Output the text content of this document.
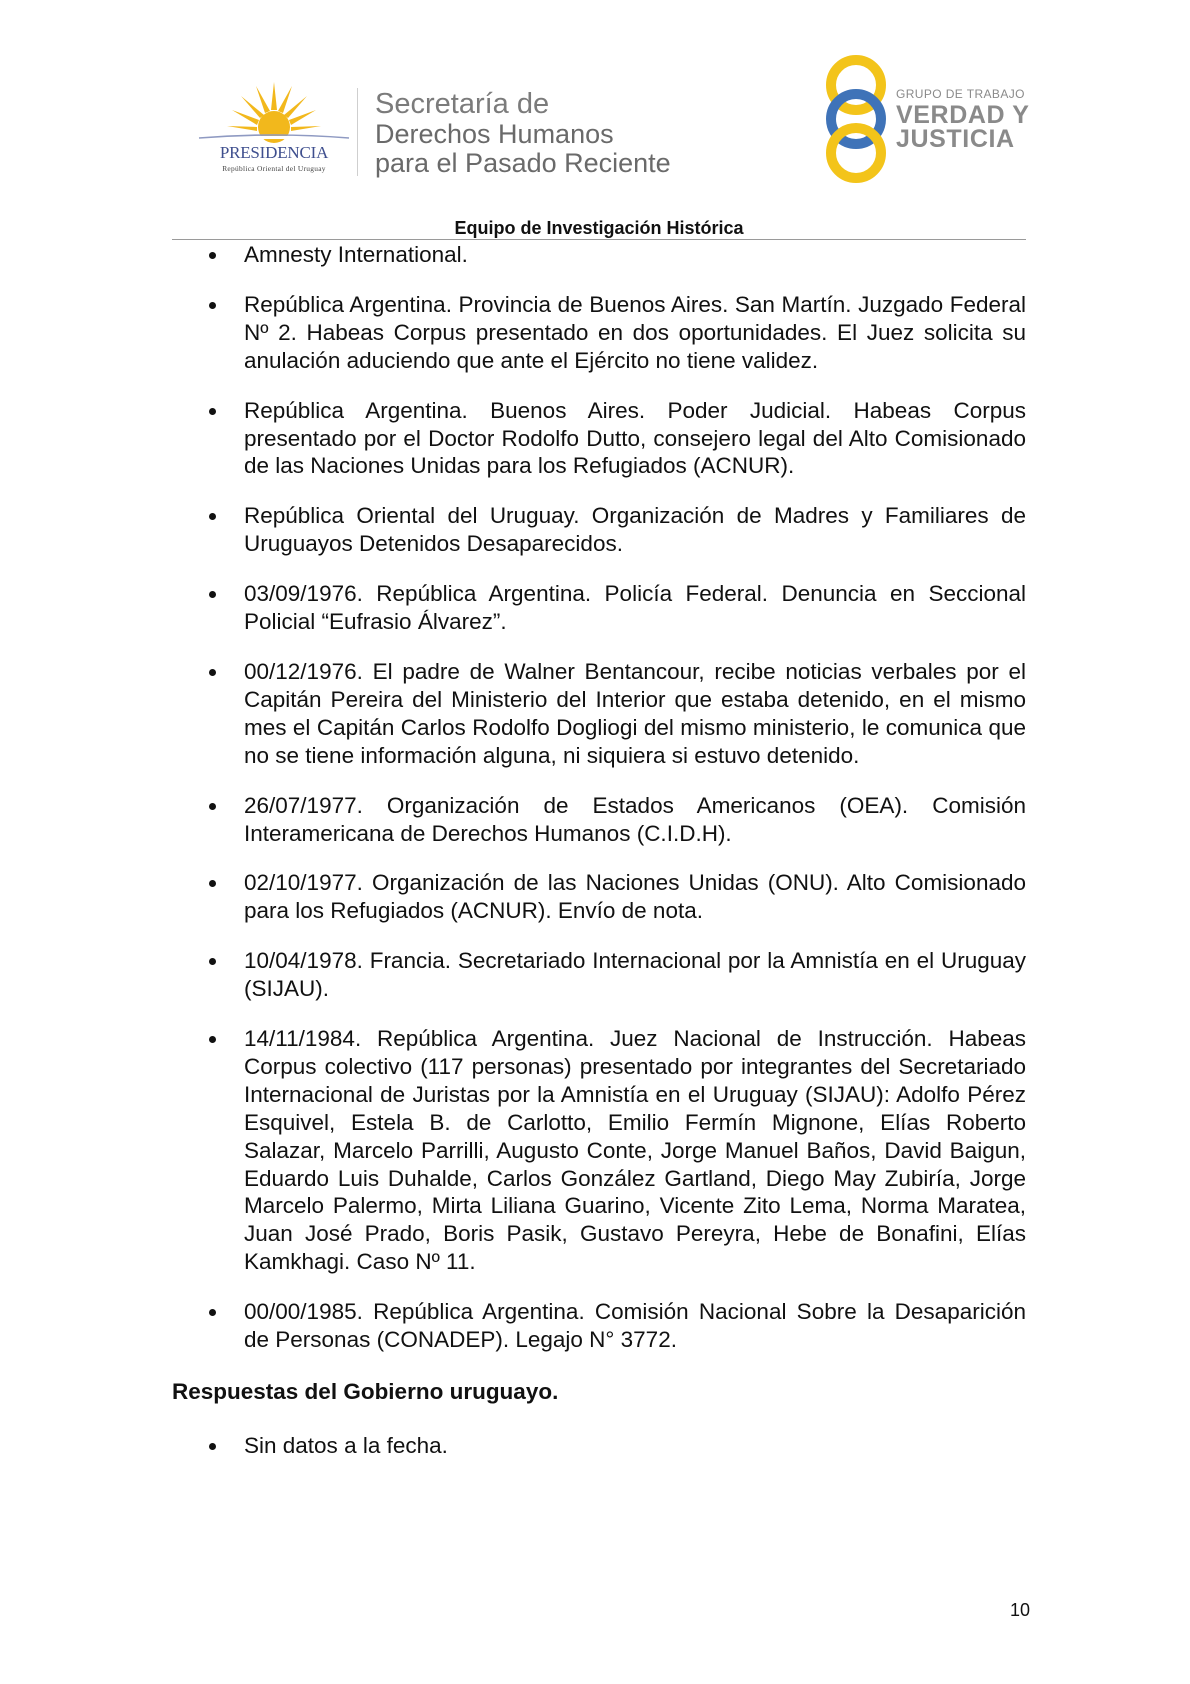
PRESIDENCIA
República Oriental del Uruguay
Secretaría de
Derechos Humanos
para el Pasado Reciente
GRUPO DE TRABAJO
VERDAD Y
JUSTICIA
Equipo de Investigación Histórica
Amnesty International.
República Argentina. Provincia de Buenos Aires. San Martín. Juzgado Federal Nº 2. Habeas Corpus presentado en dos oportunidades. El Juez solicita su anulación aduciendo que ante el Ejército no tiene validez.
República Argentina. Buenos Aires. Poder Judicial. Habeas Corpus presentado por el Doctor Rodolfo Dutto, consejero legal del Alto Comisionado de las Naciones Unidas para los Refugiados (ACNUR).
República Oriental del Uruguay. Organización de Madres y Familiares de Uruguayos Detenidos Desaparecidos.
03/09/1976. República Argentina. Policía Federal. Denuncia en Seccional Policial “Eufrasio Álvarez”.
00/12/1976. El padre de Walner Bentancour, recibe noticias verbales por el Capitán Pereira del Ministerio del Interior que estaba detenido, en el mismo mes el Capitán Carlos Rodolfo Dogliogi del mismo ministerio, le comunica que no se tiene información alguna, ni siquiera si estuvo detenido.
26/07/1977. Organización de Estados Americanos (OEA). Comisión Interamericana de Derechos Humanos (C.I.D.H).
02/10/1977. Organización de las Naciones Unidas (ONU). Alto Comisionado para los Refugiados (ACNUR). Envío de nota.
10/04/1978. Francia. Secretariado Internacional por la Amnistía en el Uruguay (SIJAU).
14/11/1984. República Argentina. Juez Nacional de Instrucción. Habeas Corpus colectivo (117 personas) presentado por integrantes del Secretariado Internacional de Juristas por la Amnistía en el Uruguay (SIJAU): Adolfo Pérez Esquivel, Estela B. de Carlotto, Emilio Fermín Mignone, Elías Roberto Salazar, Marcelo Parrilli, Augusto Conte, Jorge Manuel Baños, David Baigun, Eduardo Luis Duhalde, Carlos González Gartland, Diego May Zubiría, Jorge Marcelo Palermo, Mirta Liliana Guarino, Vicente Zito Lema, Norma Maratea, Juan José Prado, Boris Pasik, Gustavo Pereyra, Hebe de Bonafini, Elías Kamkhagi. Caso Nº 11.
00/00/1985. República Argentina. Comisión Nacional Sobre la Desaparición de Personas (CONADEP). Legajo N° 3772.
Respuestas del Gobierno uruguayo.
Sin datos a la fecha.
10
